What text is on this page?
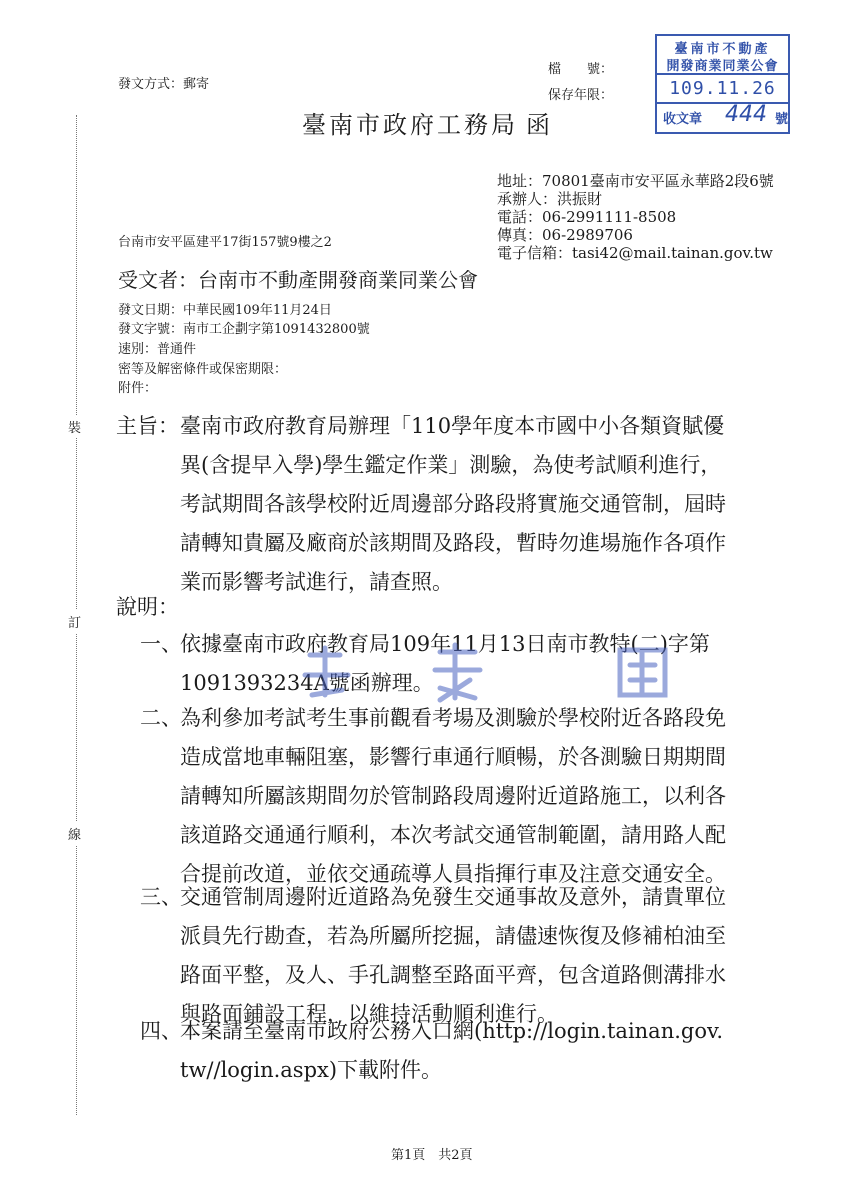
裝
訂
線
發文方式：郵寄
檔　　號：
保存年限：
臺南市政府工務局 函
臺南市不動產
開發商業同業公會
109.11.26
收文章 444 號
地址：70801臺南市安平區永華路2段6號
承辦人：洪振財
電話：06-2991111-8508
傳真：06-2989706
電子信箱：tasi42@mail.tainan.gov.tw
台南市安平區建平17街157號9樓之2
受文者：台南市不動產開發商業同業公會
發文日期：中華民國109年11月24日
發文字號：南市工企劃字第1091432800號
速別：普通件
密等及解密條件或保密期限：
附件：
主旨： 臺南市政府教育局辦理「110學年度本市國中小各類資賦優
異(含提早入學)學生鑑定作業」測驗，為使考試順利進行，
考試期間各該學校附近周邊部分路段將實施交通管制，屆時
請轉知貴屬及廠商於該期間及路段，暫時勿進場施作各項作
業而影響考試進行，請查照。
說明：
一、
依據臺南市政府教育局109年11月13日南市教特(二)字第
1091393234A號函辦理。
二、
為利參加考試考生事前觀看考場及測驗於學校附近各路段免
造成當地車輛阻塞，影響行車通行順暢，於各測驗日期期間
請轉知所屬該期間勿於管制路段周邊附近道路施工，以利各
該道路交通通行順利，本次考試交通管制範圍，請用路人配
合提前改道，並依交通疏導人員指揮行車及注意交通安全。
三、
交通管制周邊附近道路為免發生交通事故及意外，請貴單位
派員先行勘查，若為所屬所挖掘，請儘速恢復及修補柏油至
路面平整，及人、手孔調整至路面平齊，包含道路側溝排水
與路面鋪設工程，以維持活動順利進行。
四、
本案請至臺南市政府公務入口網(http://login.tainan.gov.
tw//login.aspx)下載附件。
第1頁　共2頁
